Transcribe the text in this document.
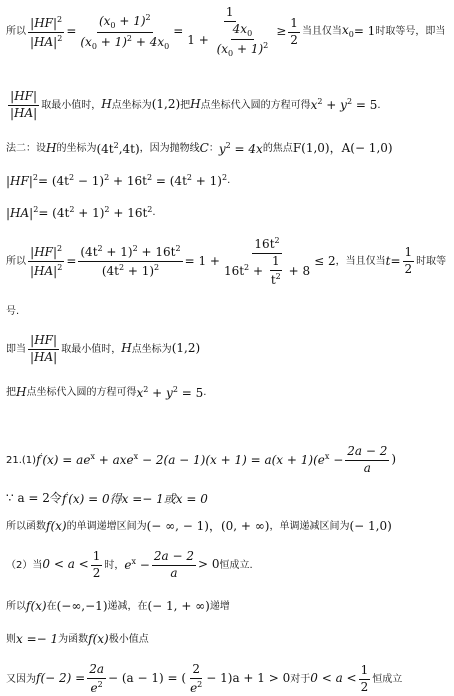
所以 $\frac{|HF|^2}{|HA|^2} = \frac{(x_0 + 1)^2}{(x_0 + 1)^2 + 4x_0} = \frac{1}{1 + \frac{4x_0}{(x_0 + 1)^2}} \ge \frac{1}{2}$ 当且仅当 $x_0 = 1$ 时取等号，即当
$\frac{|HF|}{|HA|}$ 取最小值时， H 点坐标为 (1,2) 把 H 点坐标代入圆的方程可得 $x^2 + y^2 = 5$ .
法二：设 H 的坐标为 $(4t^2,4t)$ ，因为抛物线 C ： $y^2 = 4x$ 的焦点 F(1,0) ，A(− 1,0)
$|HF|^2 = (4t^2 - 1)^2 + 16t^2 = (4t^2 + 1)^2$ .
$|HA|^2 = (4t^2 + 1)^2 + 16t^2$ .
所以 $\frac{|HF|^2}{|HA|^2} = \frac{(4t^2 + 1)^2 + 16t^2}{(4t^2 + 1)^2} = 1 + \frac{16t^2}{16t^2 + \frac{1}{t^2} + 8} \le 2$ ，当且仅当 $t = \frac{1}{2}$ 时取等
号.
即当 $\frac{|HF|}{|HA|}$ 取最小值时， H 点坐标为 (1,2)
把 H 点坐标代入圆的方程可得 $x^2 + y^2 = 5$ .
21.(1) $f'(x) = ae^x + axe^x - 2(a - 1)(x + 1) = a(x + 1)(e^x - \frac{2a - 2}{a}$ )
∵ a = 2令 f′(x) = 0得x =− 1或x = 0
所以函数 f(x) 的单调递增区间为 (− ∞, − 1) ， (0, + ∞) ，单调递减区间为 (− 1,0)
（2）当 $0 < a < \frac{1}{2}$ 时， $e^x - \frac{2a - 2}{a} > 0$ 恒成立.
所以 f(x) 在 (−∞,−1) 递减，在 (− 1, + ∞) 递增
则 x =− 1 为函数 f(x) 极小值点
又因为 $f(- 2) = \frac{2a}{e^2} - (a - 1)$ = ( $\frac{2}{e^2} - 1)a + 1 > 0$ 对于 $0 < a < \frac{1}{2}$ 恒成立
